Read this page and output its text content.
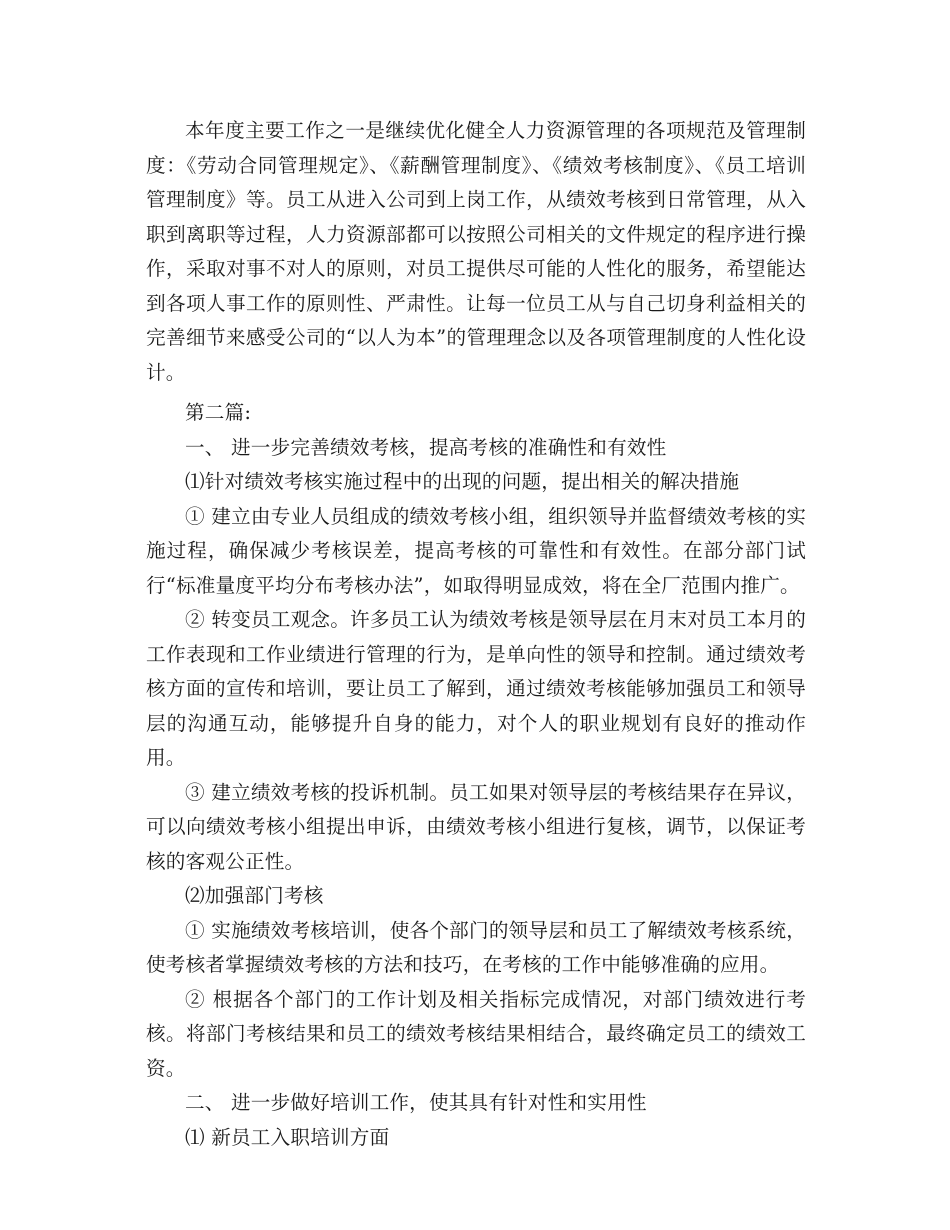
本年度主要工作之一是继续优化健全人力资源管理的各项规范及管理制度：《劳动合同管理规定》、《薪酬管理制度》、《绩效考核制度》、《员工培训管理制度》等。员工从进入公司到上岗工作，从绩效考核到日常管理，从入职到离职等过程，人力资源部都可以按照公司相关的文件规定的程序进行操作，采取对事不对人的原则，对员工提供尽可能的人性化的服务，希望能达到各项人事工作的原则性、严肃性。让每一位员工从与自己切身利益相关的完善细节来感受公司的“以人为本”的管理理念以及各项管理制度的人性化设计。

第二篇:

一、 进一步完善绩效考核，提高考核的准确性和有效性

⑴针对绩效考核实施过程中的出现的问题，提出相关的解决措施

① 建立由专业人员组成的绩效考核小组，组织领导并监督绩效考核的实施过程，确保减少考核误差，提高考核的可靠性和有效性。在部分部门试行“标准量度平均分布考核办法”，如取得明显成效，将在全厂范围内推广。

② 转变员工观念。许多员工认为绩效考核是领导层在月末对员工本月的工作表现和工作业绩进行管理的行为，是单向性的领导和控制。通过绩效考核方面的宣传和培训，要让员工了解到，通过绩效考核能够加强员工和领导层的沟通互动，能够提升自身的能力，对个人的职业规划有良好的推动作用。

③ 建立绩效考核的投诉机制。员工如果对领导层的考核结果存在异议，可以向绩效考核小组提出申诉，由绩效考核小组进行复核，调节，以保证考核的客观公正性。

⑵加强部门考核

① 实施绩效考核培训，使各个部门的领导层和员工了解绩效考核系统，使考核者掌握绩效考核的方法和技巧，在考核的工作中能够准确的应用。

② 根据各个部门的工作计划及相关指标完成情况，对部门绩效进行考核。将部门考核结果和员工的绩效考核结果相结合，最终确定员工的绩效工资。

二、 进一步做好培训工作，使其具有针对性和实用性

⑴ 新员工入职培训方面
